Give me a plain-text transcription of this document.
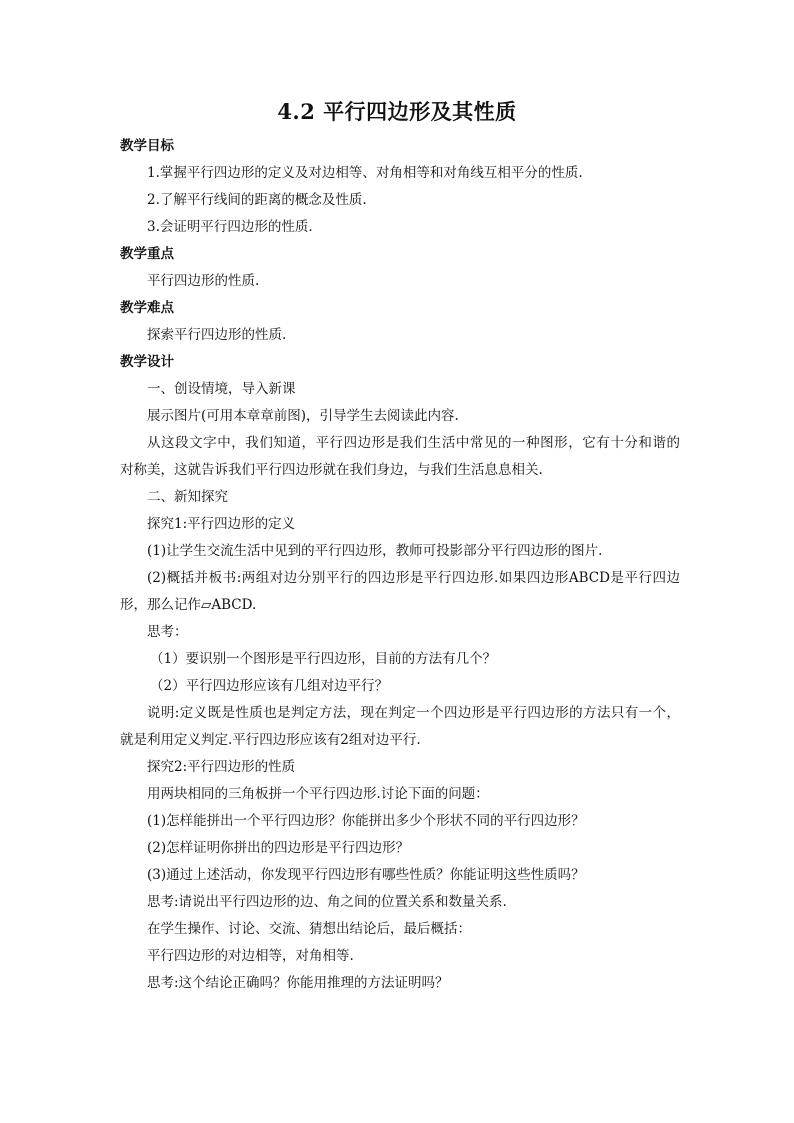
4.2 平行四边形及其性质
教学目标
1.掌握平行四边形的定义及对边相等、对角相等和对角线互相平分的性质.
2.了解平行线间的距离的概念及性质.
3.会证明平行四边形的性质.
教学重点
平行四边形的性质.
教学难点
探索平行四边形的性质.
教学设计
一、创设情境，导入新课
展示图片(可用本章章前图)，引导学生去阅读此内容.
从这段文字中，我们知道，平行四边形是我们生活中常见的一种图形，它有十分和谐的
对称美，这就告诉我们平行四边形就在我们身边，与我们生活息息相关.
二、新知探究
探究1:平行四边形的定义
(1)让学生交流生活中见到的平行四边形，教师可投影部分平行四边形的图片.
(2)概括并板书:两组对边分别平行的四边形是平行四边形.如果四边形ABCD是平行四边
形，那么记作▱ABCD.
思考：
（1）要识别一个图形是平行四边形，目前的方法有几个？
（2）平行四边形应该有几组对边平行？
说明:定义既是性质也是判定方法，现在判定一个四边形是平行四边形的方法只有一个，
就是利用定义判定.平行四边形应该有2组对边平行.
探究2:平行四边形的性质
用两块相同的三角板拼一个平行四边形.讨论下面的问题：
(1)怎样能拼出一个平行四边形？你能拼出多少个形状不同的平行四边形？
(2)怎样证明你拼出的四边形是平行四边形？
(3)通过上述活动，你发现平行四边形有哪些性质？你能证明这些性质吗？
思考:请说出平行四边形的边、角之间的位置关系和数量关系.
在学生操作、讨论、交流、猜想出结论后，最后概括：
平行四边形的对边相等，对角相等.
思考:这个结论正确吗？你能用推理的方法证明吗？
